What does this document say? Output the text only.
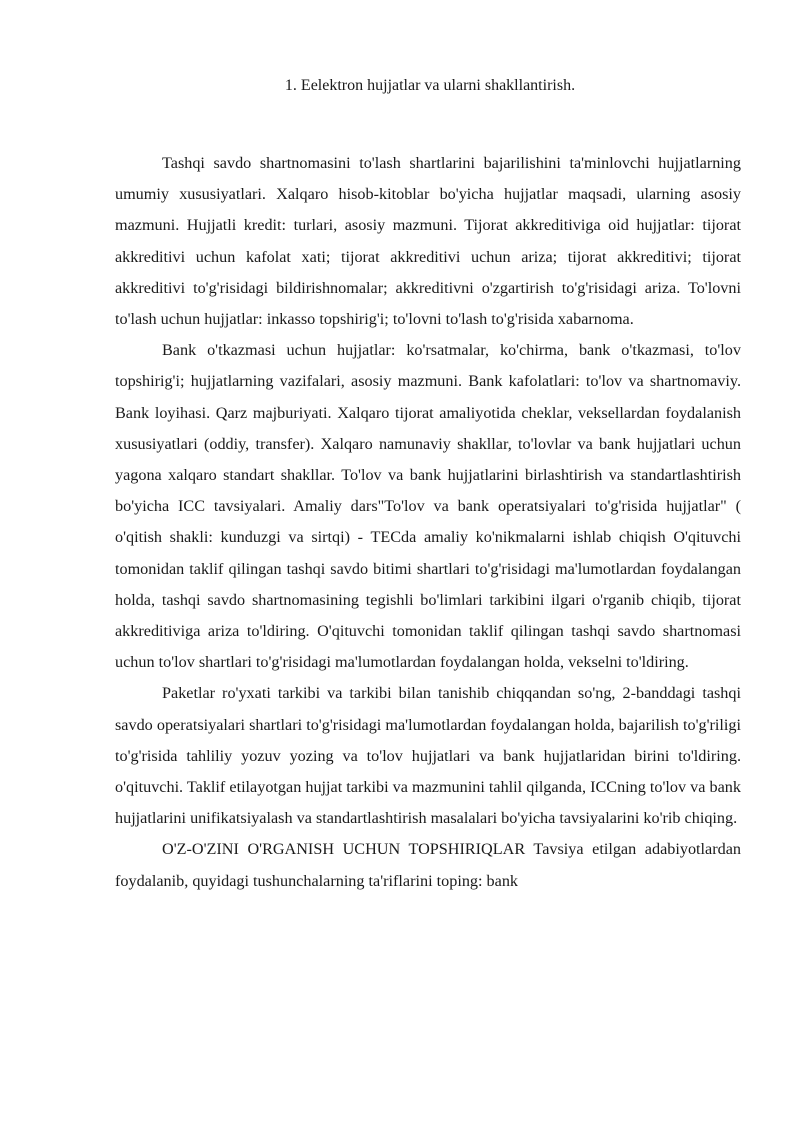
1. Eelektron hujjatlar va ularni shakllantirish.

Tashqi savdo shartnomasini to'lash shartlarini bajarilishini ta'minlovchi hujjatlarning umumiy xususiyatlari. Xalqaro hisob-kitoblar bo'yicha hujjatlar maqsadi, ularning asosiy mazmuni. Hujjatli kredit: turlari, asosiy mazmuni. Tijorat akkreditiviga oid hujjatlar: tijorat akkreditivi uchun kafolat xati; tijorat akkreditivi uchun ariza; tijorat akkreditivi; tijorat akkreditivi to'g'risidagi bildirishnomalar; akkreditivni o'zgartirish to'g'risidagi ariza. To'lovni to'lash uchun hujjatlar: inkasso topshirig'i; to'lovni to'lash to'g'risida xabarnoma.

Bank o'tkazmasi uchun hujjatlar: ko'rsatmalar, ko'chirma, bank o'tkazmasi, to'lov topshirig'i; hujjatlarning vazifalari, asosiy mazmuni. Bank kafolatlari: to'lov va shartnomaviy. Bank loyihasi. Qarz majburiyati. Xalqaro tijorat amaliyotida cheklar, veksellardan foydalanish xususiyatlari (oddiy, transfer). Xalqaro namunaviy shakllar, to'lovlar va bank hujjatlari uchun yagona xalqaro standart shakllar. To'lov va bank hujjatlarini birlashtirish va standartlashtirish bo'yicha ICC tavsiyalari. Amaliy dars"To'lov va bank operatsiyalari to'g'risida hujjatlar" ( o'qitish shakli: kunduzgi va sirtqi) - TECda amaliy ko'nikmalarni ishlab chiqish O'qituvchi tomonidan taklif qilingan tashqi savdo bitimi shartlari to'g'risidagi ma'lumotlardan foydalangan holda, tashqi savdo shartnomasining tegishli bo'limlari tarkibini ilgari o'rganib chiqib, tijorat akkreditiviga ariza to'ldiring. O'qituvchi tomonidan taklif qilingan tashqi savdo shartnomasi uchun to'lov shartlari to'g'risidagi ma'lumotlardan foydalangan holda, vekselni to'ldiring.

Paketlar ro'yxati tarkibi va tarkibi bilan tanishib chiqqandan so'ng, 2-banddagi tashqi savdo operatsiyalari shartlari to'g'risidagi ma'lumotlardan foydalangan holda, bajarilish to'g'riligi to'g'risida tahliliy yozuv yozing va to'lov hujjatlari va bank hujjatlaridan birini to'ldiring. o'qituvchi. Taklif etilayotgan hujjat tarkibi va mazmunini tahlil qilganda, ICCning to'lov va bank hujjatlarini unifikatsiyalash va standartlashtirish masalalari bo'yicha tavsiyalarini ko'rib chiqing.

O'Z-O'ZINI O'RGANISH UCHUN TOPSHIRIQLAR Tavsiya etilgan adabiyotlardan foydalanib, quyidagi tushunchalarning ta'riflarini toping: bank
